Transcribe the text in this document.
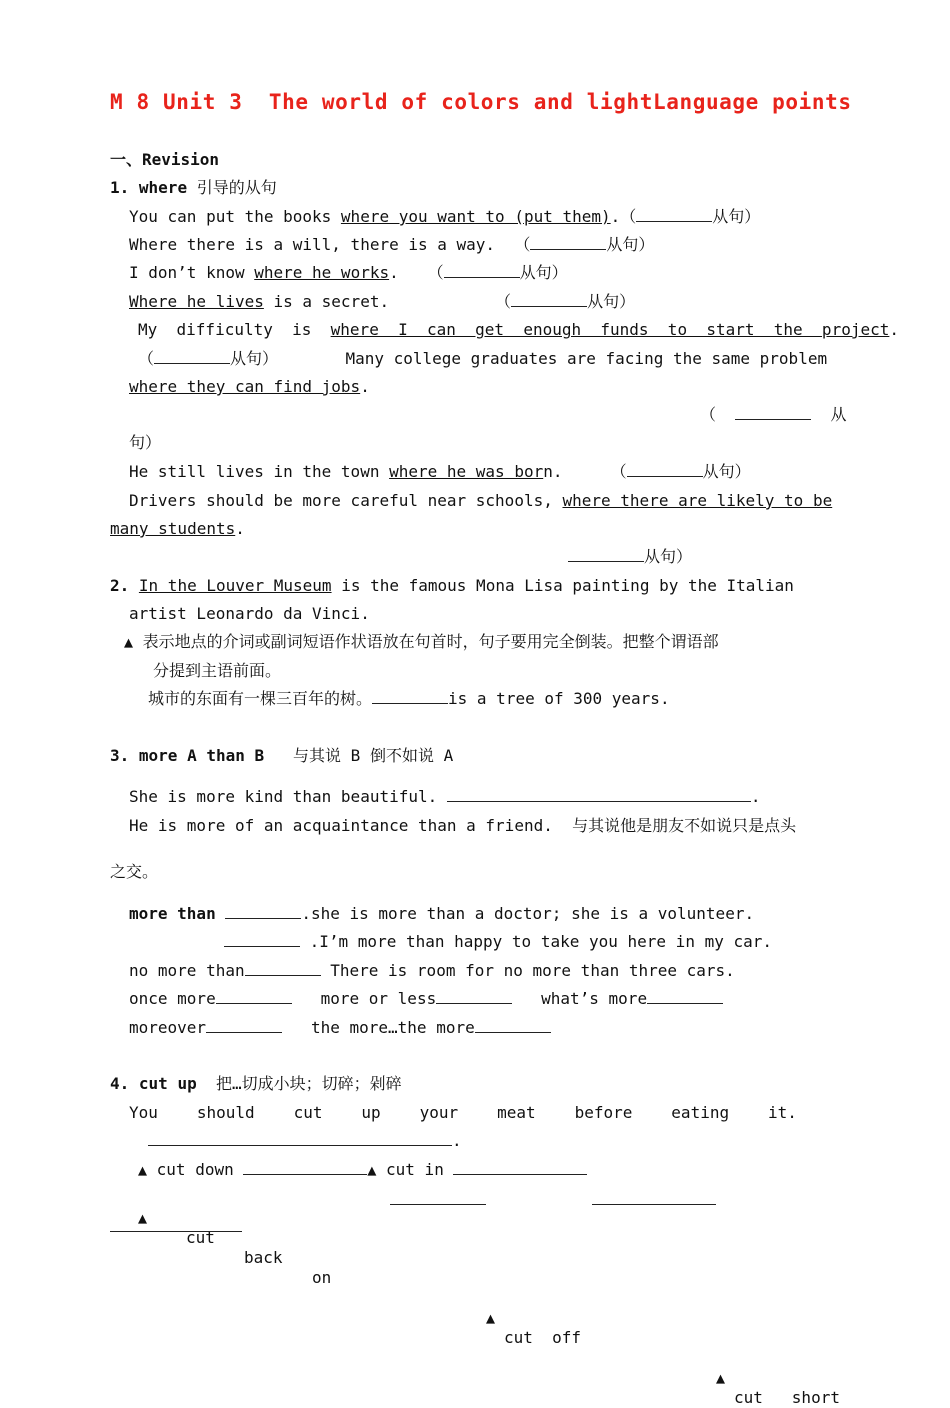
M 8 Unit 3  The world of colors and lightLanguage points
一、Revision
1. where 引导的从句
You can put the books where you want to (put them).（	从句）
Where there is a will, there is a way.  （	从句）
I don’t know where he works.   （	从句）
Where he lives is a secret.           （	从句）
My  difficulty  is  where  I  can  get  enough  funds  to  start  the  project.
（	从句）       Many college graduates are facing the same problem
where they can find jobs.
（	从
句）
He still lives in the town where he was born.     （	从句）
Drivers should be more careful near schools, where there are likely to be
many students.
从句）
2. In the Louver Museum is the famous Mona Lisa painting by the Italian
artist Leonardo da Vinci.
▲ 表示地点的介词或副词短语作状语放在句首时，句子要用完全倒装。把整个谓语部
分提到主语前面。
城市的东面有一棵三百年的树。	is a tree of 300 years.
3. more A than B   与其说 B 倒不如说 A
She is more kind than beautiful.	.
He is more of an acquaintance than a friend.  与其说他是朋友不如说只是点头
之交。
more than	.she is more than a doctor; she is a volunteer.
.I’m more than happy to take you here in my car.
no more than	There is room for no more than three cars.
once more	more or less	what’s more
moreover	the more…the more
4. cut up  把…切成小块；切碎；剁碎
You should cut up your meat before eating it.
.
▲ cut down	▲ cut in

▲

cut

back

on

▲

cut  off

▲

cut   short
